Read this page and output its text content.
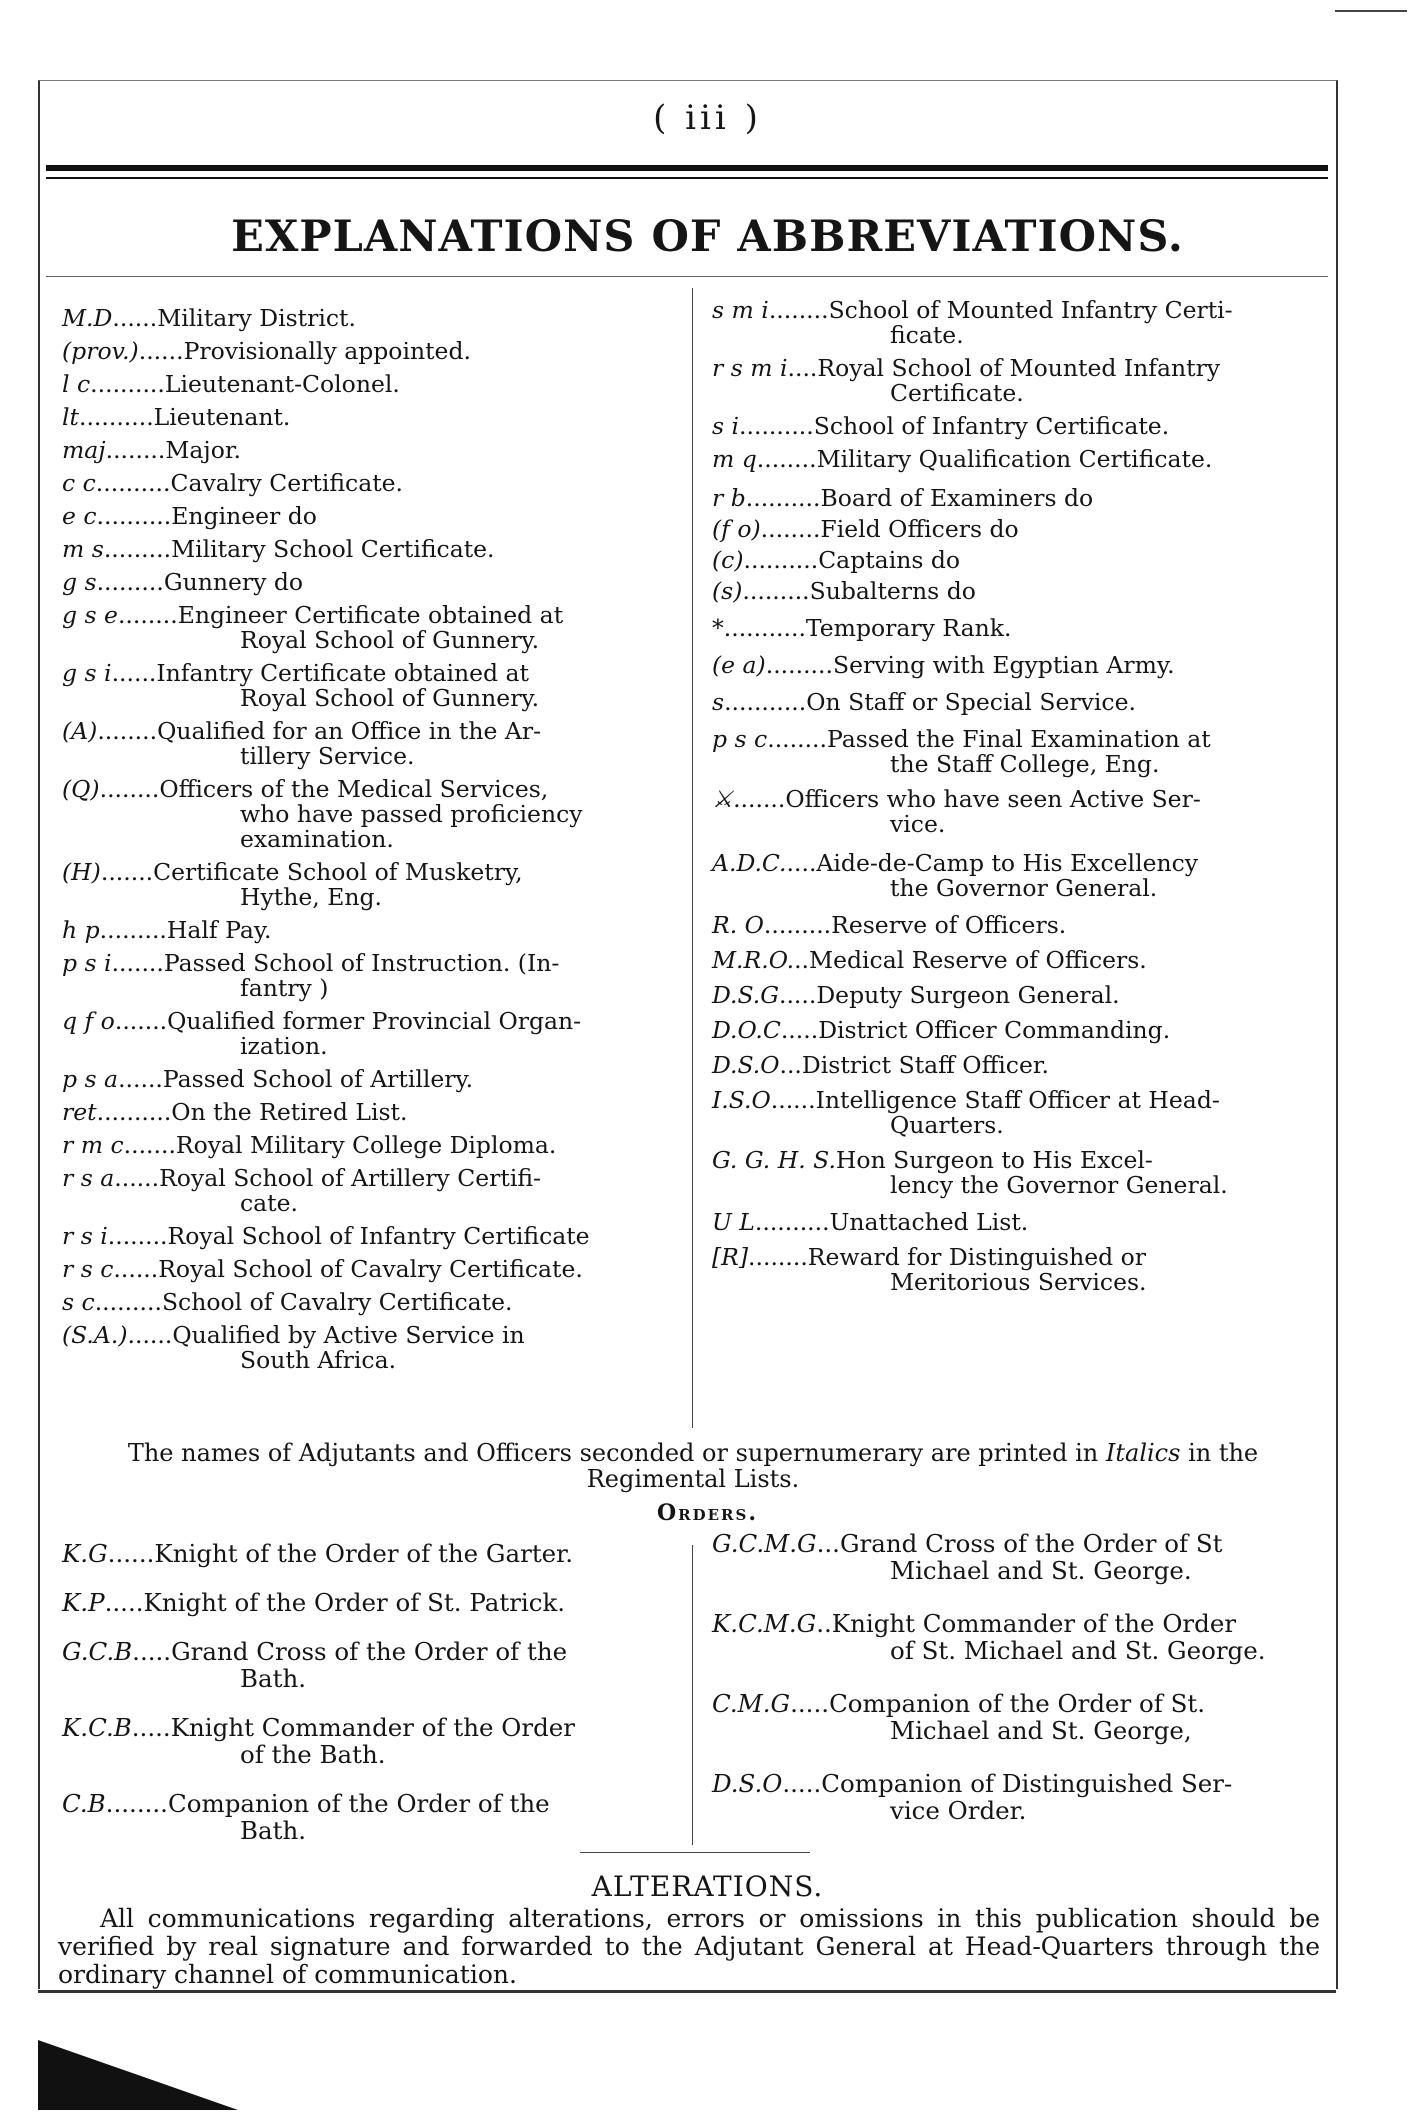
( iii )
EXPLANATIONS OF ABBREVIATIONS.
M.D......Military District.
(prov.)......Provisionally appointed.
l c..........Lieutenant-Colonel.
lt..........Lieutenant.
maj........Major.
c c..........Cavalry Certificate.
e c..........Engineer do
m s.........Military School Certificate.
g s.........Gunnery do
g s e........Engineer Certificate obtained at
Royal School of Gunnery.
g s i......Infantry Certificate obtained at
Royal School of Gunnery.
(A)........Qualified for an Office in the Ar-
tillery Service.
(Q)........Officers of the Medical Services,
who have passed proficiency examination.
(H).......Certificate School of Musketry,
Hythe, Eng.
h p.........Half Pay.
p s i.......Passed School of Instruction. (In-
fantry )
q f o.......Qualified former Provincial Organ-
ization.
p s a......Passed School of Artillery.
ret..........On the Retired List.
r m c.......Royal Military College Diploma.
r s a......Royal School of Artillery Certifi-
cate.
r s i........Royal School of Infantry Certificate
r s c......Royal School of Cavalry Certificate.
s c.........School of Cavalry Certificate.
(S.A.)......Qualified by Active Service in
South Africa.
s m i........School of Mounted Infantry Certi-
ficate.
r s m i....Royal School of Mounted Infantry
Certificate.
s i..........School of Infantry Certificate.
m q........Military Qualification Certificate.
r b..........Board of Examiners do
(f o)........Field Officers do
(c)..........Captains do
(s).........Subalterns do
*...........Temporary Rank.
(e a).........Serving with Egyptian Army.
s...........On Staff or Special Service.
p s c........Passed the Final Examination at
the Staff College, Eng.
⚔.......Officers who have seen Active Ser-
vice.
A.D.C.....Aide-de-Camp to His Excellency
the Governor General.
R. O.........Reserve of Officers.
M.R.O...Medical Reserve of Officers.
D.S.G.....Deputy Surgeon General.
D.O.C.....District Officer Commanding.
D.S.O...District Staff Officer.
I.S.O......Intelligence Staff Officer at Head-
Quarters.
G. G. H. S.Hon Surgeon to His Excel-
lency the Governor General.
U L..........Unattached List.
[R]........Reward for Distinguished or
Meritorious Services.
The names of Adjutants and Officers seconded or supernumerary are printed in Italics in the Regimental Lists.
Orders.
K.G......Knight of the Order of the Garter.
K.P.....Knight of the Order of St. Patrick.
G.C.B.....Grand Cross of the Order of the
Bath.
K.C.B.....Knight Commander of the Order
of the Bath.
C.B........Companion of the Order of the
Bath.
G.C.M.G...Grand Cross of the Order of St
Michael and St. George.
K.C.M.G..Knight Commander of the Order
of St. Michael and St. George.
C.M.G.....Companion of the Order of St.
Michael and St. George,
D.S.O.....Companion of Distinguished Ser-
vice Order.
ALTERATIONS.
All communications regarding alterations, errors or omissions in this publication should be verified by real signature and forwarded to the Adjutant General at Head-Quarters through the ordinary channel of communication.
